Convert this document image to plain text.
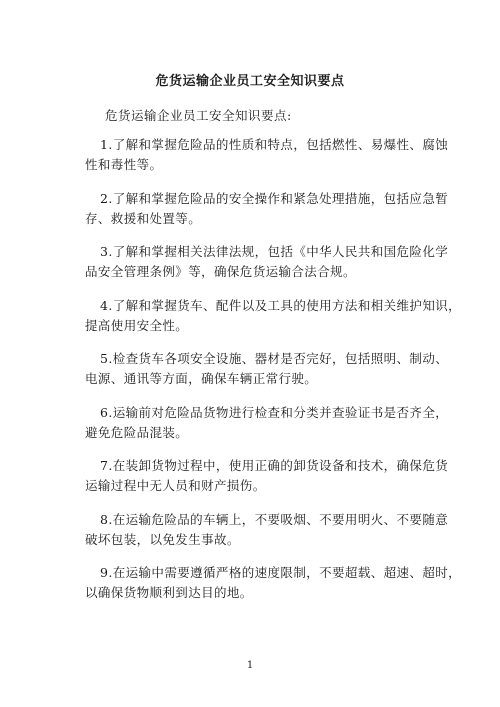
危货运输企业员工安全知识要点
危货运输企业员工安全知识要点:
1.了解和掌握危险品的性质和特点，包括燃性、易爆性、腐蚀
性和毒性等。
2.了解和掌握危险品的安全操作和紧急处理措施，包括应急暂
存、救援和处置等。
3.了解和掌握相关法律法规，包括《中华人民共和国危险化学
品安全管理条例》等，确保危货运输合法合规。
4.了解和掌握货车、配件以及工具的使用方法和相关维护知识，
提高使用安全性。
5.检查货车各项安全设施、器材是否完好，包括照明、制动、
电源、通讯等方面，确保车辆正常行驶。
6.运输前对危险品货物进行检查和分类并查验证书是否齐全，
避免危险品混装。
7.在装卸货物过程中，使用正确的卸货设备和技术，确保危货
运输过程中无人员和财产损伤。
8.在运输危险品的车辆上，不要吸烟、不要用明火、不要随意
破坏包装，以免发生事故。
9.在运输中需要遵循严格的速度限制，不要超载、超速、超时，
以确保货物顺利到达目的地。
1
